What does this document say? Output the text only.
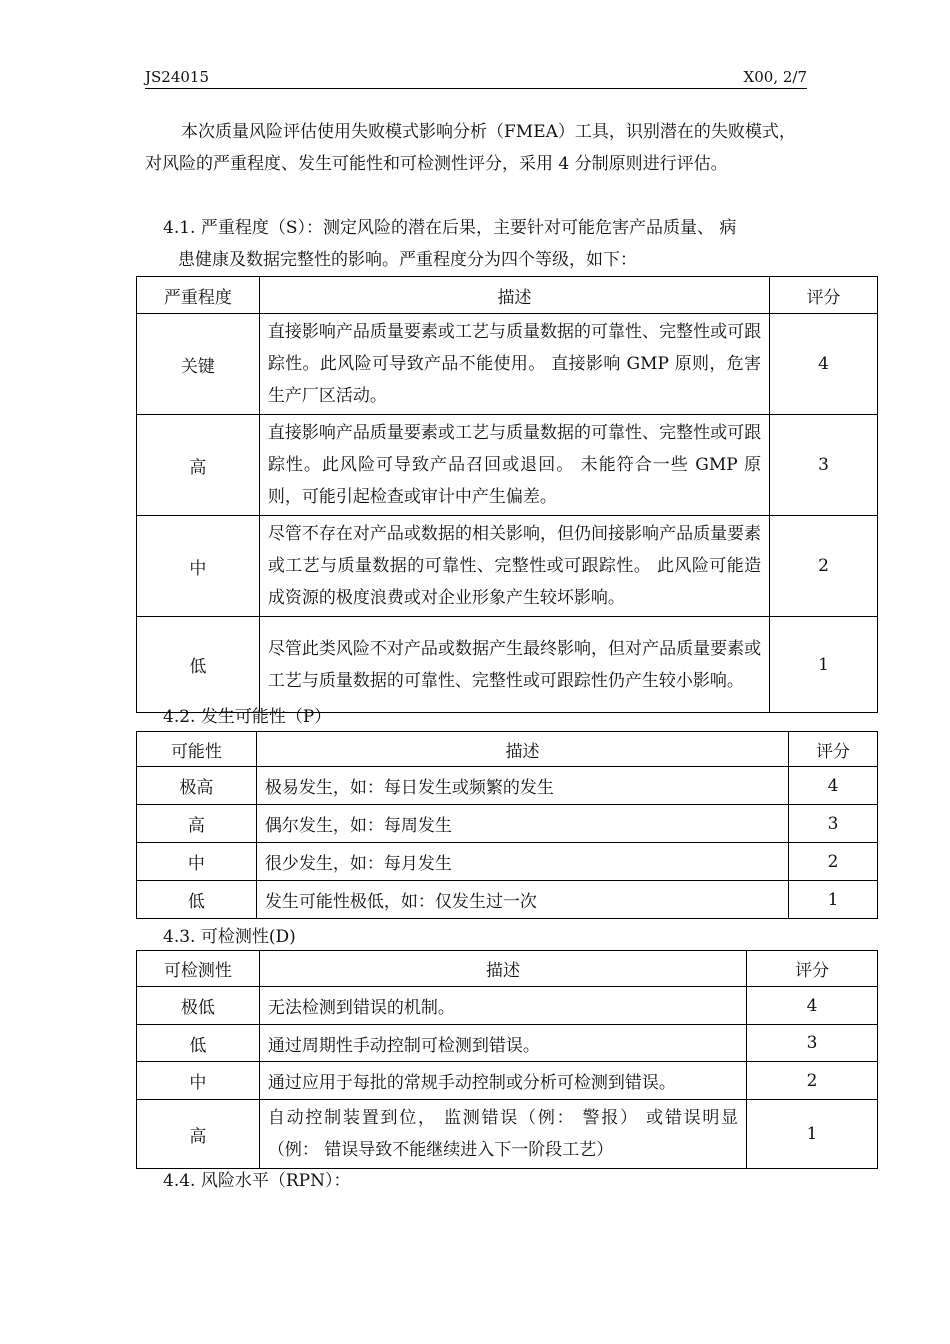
JS24015	X00, 2/7
本次质量风险评估使用失败模式影响分析（FMEA）工具，识别潜在的失败模式，对风险的严重程度、发生可能性和可检测性评分，采用 4 分制原则进行评估。
4.1. 严重程度（S）：测定风险的潜在后果，主要针对可能危害产品质量、 病
患健康及数据完整性的影响。严重程度分为四个等级，如下：
严重程度	描述	评分
关键	直接影响产品质量要素或工艺与质量数据的可靠性、完整性或可跟踪性。此风险可导致产品不能使用。 直接影响 GMP 原则，危害生产厂区活动。	4
高	直接影响产品质量要素或工艺与质量数据的可靠性、完整性或可跟踪性。此风险可导致产品召回或退回。 未能符合一些 GMP 原则，可能引起检查或审计中产生偏差。	3
中	尽管不存在对产品或数据的相关影响，但仍间接影响产品质量要素或工艺与质量数据的可靠性、完整性或可跟踪性。 此风险可能造成资源的极度浪费或对企业形象产生较坏影响。	2
低	尽管此类风险不对产品或数据产生最终影响，但对产品质量要素或工艺与质量数据的可靠性、完整性或可跟踪性仍产生较小影响。	1
4.2. 发生可能性（P）
可能性	描述	评分
极高	极易发生，如：每日发生或频繁的发生	4
高	偶尔发生，如：每周发生	3
中	很少发生，如：每月发生	2
低	发生可能性极低，如：仅发生过一次	1
4.3. 可检测性(D)
可检测性	描述	评分
极低	无法检测到错误的机制。	4
低	通过周期性手动控制可检测到错误。	3
中	通过应用于每批的常规手动控制或分析可检测到错误。	2
高	自动控制装置到位， 监测错误（例： 警报） 或错误明显（例： 错误导致不能继续进入下一阶段工艺）	1
4.4. 风险水平（RPN）：
